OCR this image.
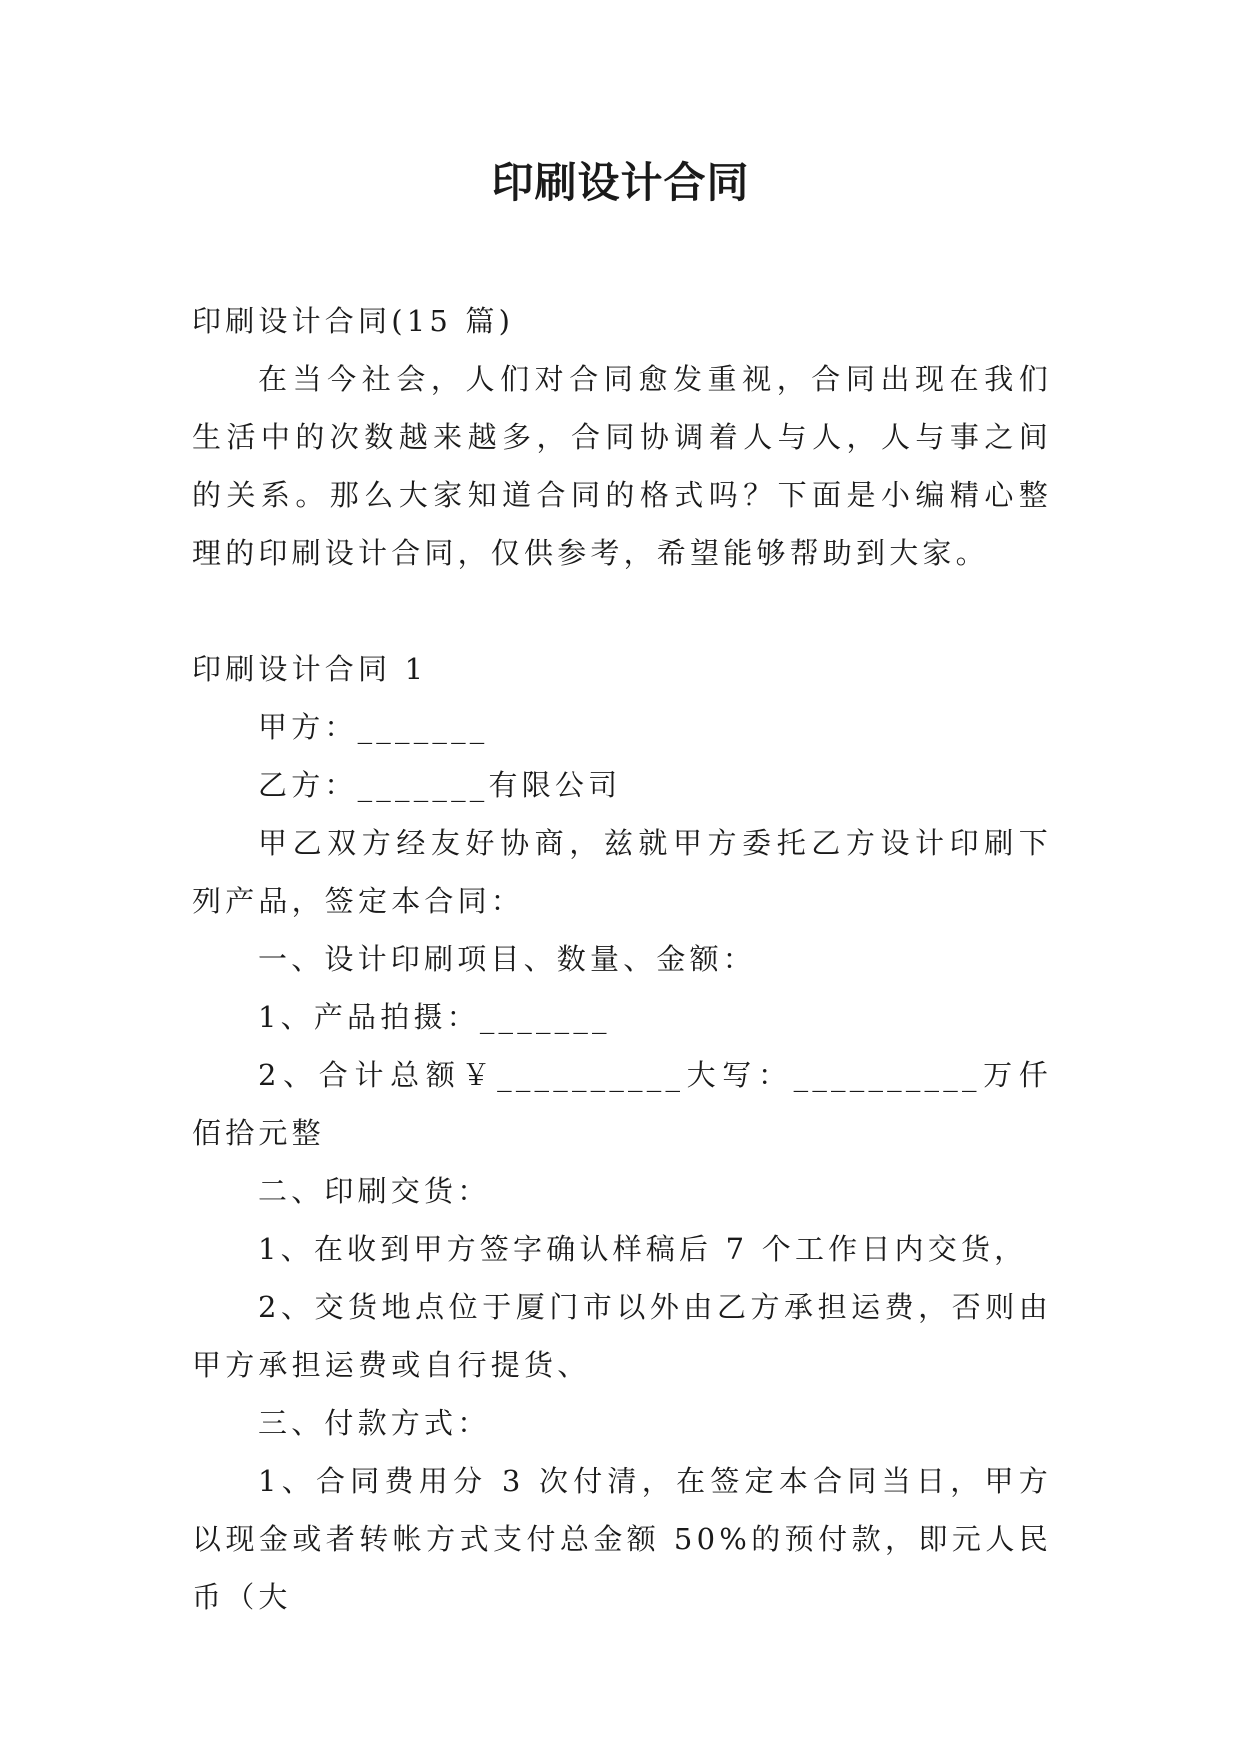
印刷设计合同

印刷设计合同(15 篇)

在当今社会，人们对合同愈发重视，合同出现在我们生活中的次数越来越多，合同协调着人与人，人与事之间的关系。那么大家知道合同的格式吗？下面是小编精心整理的印刷设计合同，仅供参考，希望能够帮助到大家。

印刷设计合同 1

甲方：_______

乙方：_______有限公司

甲乙双方经友好协商，兹就甲方委托乙方设计印刷下列产品，签定本合同：

一、设计印刷项目、数量、金额：

1、产品拍摄：_______

2、合计总额￥__________大写：__________万仟佰拾元整

二、印刷交货：

1、在收到甲方签字确认样稿后 7 个工作日内交货，

2、交货地点位于厦门市以外由乙方承担运费，否则由甲方承担运费或自行提货、

三、付款方式：

1、合同费用分 3 次付清，在签定本合同当日，甲方以现金或者转帐方式支付总金额 50%的预付款，即元人民币（大
